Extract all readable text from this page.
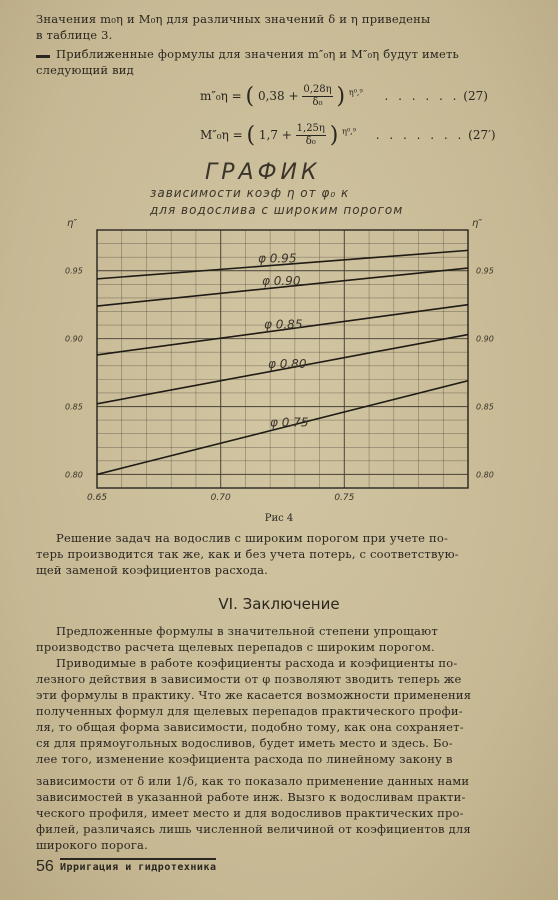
Значения m₀η и M₀η для различных значений δ и η приведены
в таблице 3.
Приближенные формулы для значения m″₀η и M″₀η будут иметь
следующий вид
m″₀η = ( $0,38 + \frac{0,28\eta}{\text{δ₀}}$ ) $^{\eta^0,^9}$ . . . . . . (27)
M″₀η = ( $1,7 + \frac{1,25\eta}{\text{δ₀}}$ ) $^{\eta^0,^9}$ . . . . . . . (27′)
ГРАФИК
зависимости коэф η от φ₀ к
для водослива с широким порогом
φ 0.95
φ 0.90
φ 0.85
φ 0.80
φ 0.75
0.65	0.70	0.75
0.80	0.80
0.85	0.85
0.90	0.90
0.95	0.95
η″	η″
Рис 4
Решение задач на водослив с широким порогом при учете по-
терь производится так же, как и без учета потерь, с соответствую-
щей заменой коэфициентов расхода.
VI. Заключение
Предложенные формулы в значительной степени упрощают
производство расчета щелевых перепадов с широким порогом.
Приводимые в работе коэфициенты расхода и коэфициенты по-
лезного действия в зависимости от φ позволяют зводить теперь же
эти формулы в практику. Что же касается возможности применения
полученных формул для щелевых перепадов практического профи-
ля, то общая форма зависимости, подобно тому, как она сохраняет-
ся для прямоугольных водосливов, будет иметь место и здесь. Бо-
лее того, изменение коэфициента расхода по линейному закону в
зависимости от δ или 1/δ, как то показало применение данных нами
зависимостей в указанной работе инж. Вызго к водосливам практи-
ческого профиля, имеет место и для водосливов практических про-
филей, различаясь лишь численной величиной от коэфициентов для
широкого порога.
56 Ирригация и гидротехника
